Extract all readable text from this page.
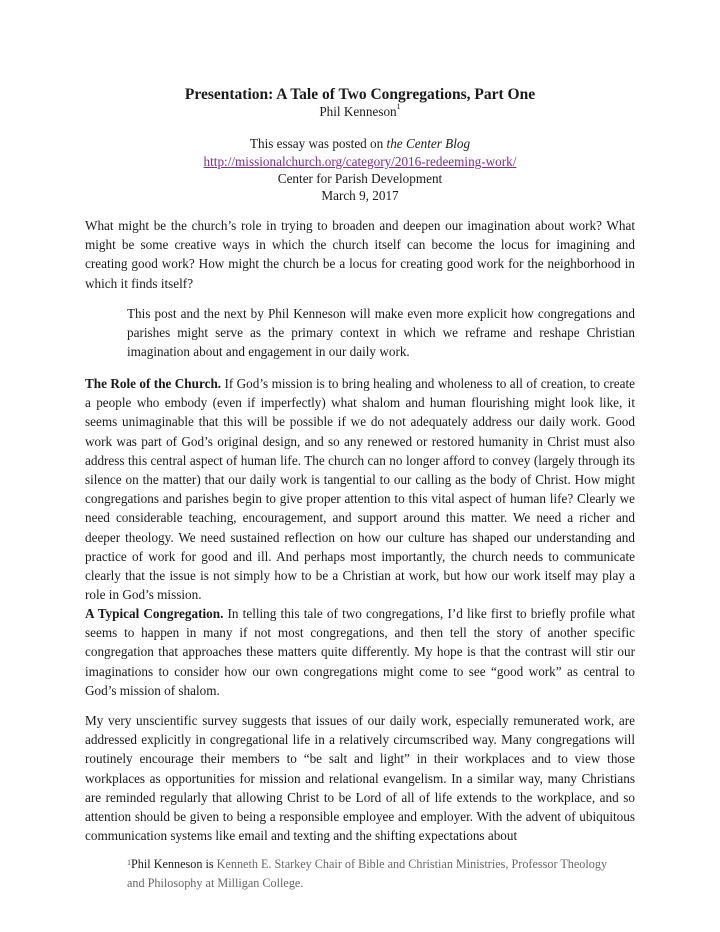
Presentation: A Tale of Two Congregations, Part One
Phil Kenneson$^1$
This essay was posted on the Center Blog
http://missionalchurch.org/category/2016-redeeming-work/
Center for Parish Development
March 9, 2017

What might be the church’s role in trying to broaden and deepen our imagination about work? What might be some creative ways in which the church itself can become the locus for imagining and creating good work? How might the church be a locus for creating good work for the neighborhood in which it finds itself?

This post and the next by Phil Kenneson will make even more explicit how congregations and parishes might serve as the primary context in which we reframe and reshape Christian imagination about and engagement in our daily work.

The Role of the Church. If God’s mission is to bring healing and wholeness to all of creation, to create a people who embody (even if imperfectly) what shalom and human flourishing might look like, it seems unimaginable that this will be possible if we do not adequately address our daily work. Good work was part of God’s original design, and so any renewed or restored humanity in Christ must also address this central aspect of human life. The church can no longer afford to convey (largely through its silence on the matter) that our daily work is tangential to our calling as the body of Christ. How might congregations and parishes begin to give proper attention to this vital aspect of human life? Clearly we need considerable teaching, encouragement, and support around this matter. We need a richer and deeper theology. We need sustained reflection on how our culture has shaped our understanding and practice of work for good and ill. And perhaps most importantly, the church needs to communicate clearly that the issue is not simply how to be a Christian at work, but how our work itself may play a role in God’s mission.

A Typical Congregation. In telling this tale of two congregations, I’d like first to briefly profile what seems to happen in many if not most congregations, and then tell the story of another specific congregation that approaches these matters quite differently. My hope is that the contrast will stir our imaginations to consider how our own congregations might come to see “good work” as central to God’s mission of shalom.

My very unscientific survey suggests that issues of our daily work, especially remunerated work, are addressed explicitly in congregational life in a relatively circumscribed way. Many congregations will routinely encourage their members to “be salt and light” in their workplaces and to view those workplaces as opportunities for mission and relational evangelism. In a similar way, many Christians are reminded regularly that allowing Christ to be Lord of all of life extends to the workplace, and so attention should be given to being a responsible employee and employer. With the advent of ubiquitous communication systems like email and texting and the shifting expectations about

$^1$Phil Kenneson is Kenneth E. Starkey Chair of Bible and Christian Ministries, Professor Theology and Philosophy at Milligan College.
